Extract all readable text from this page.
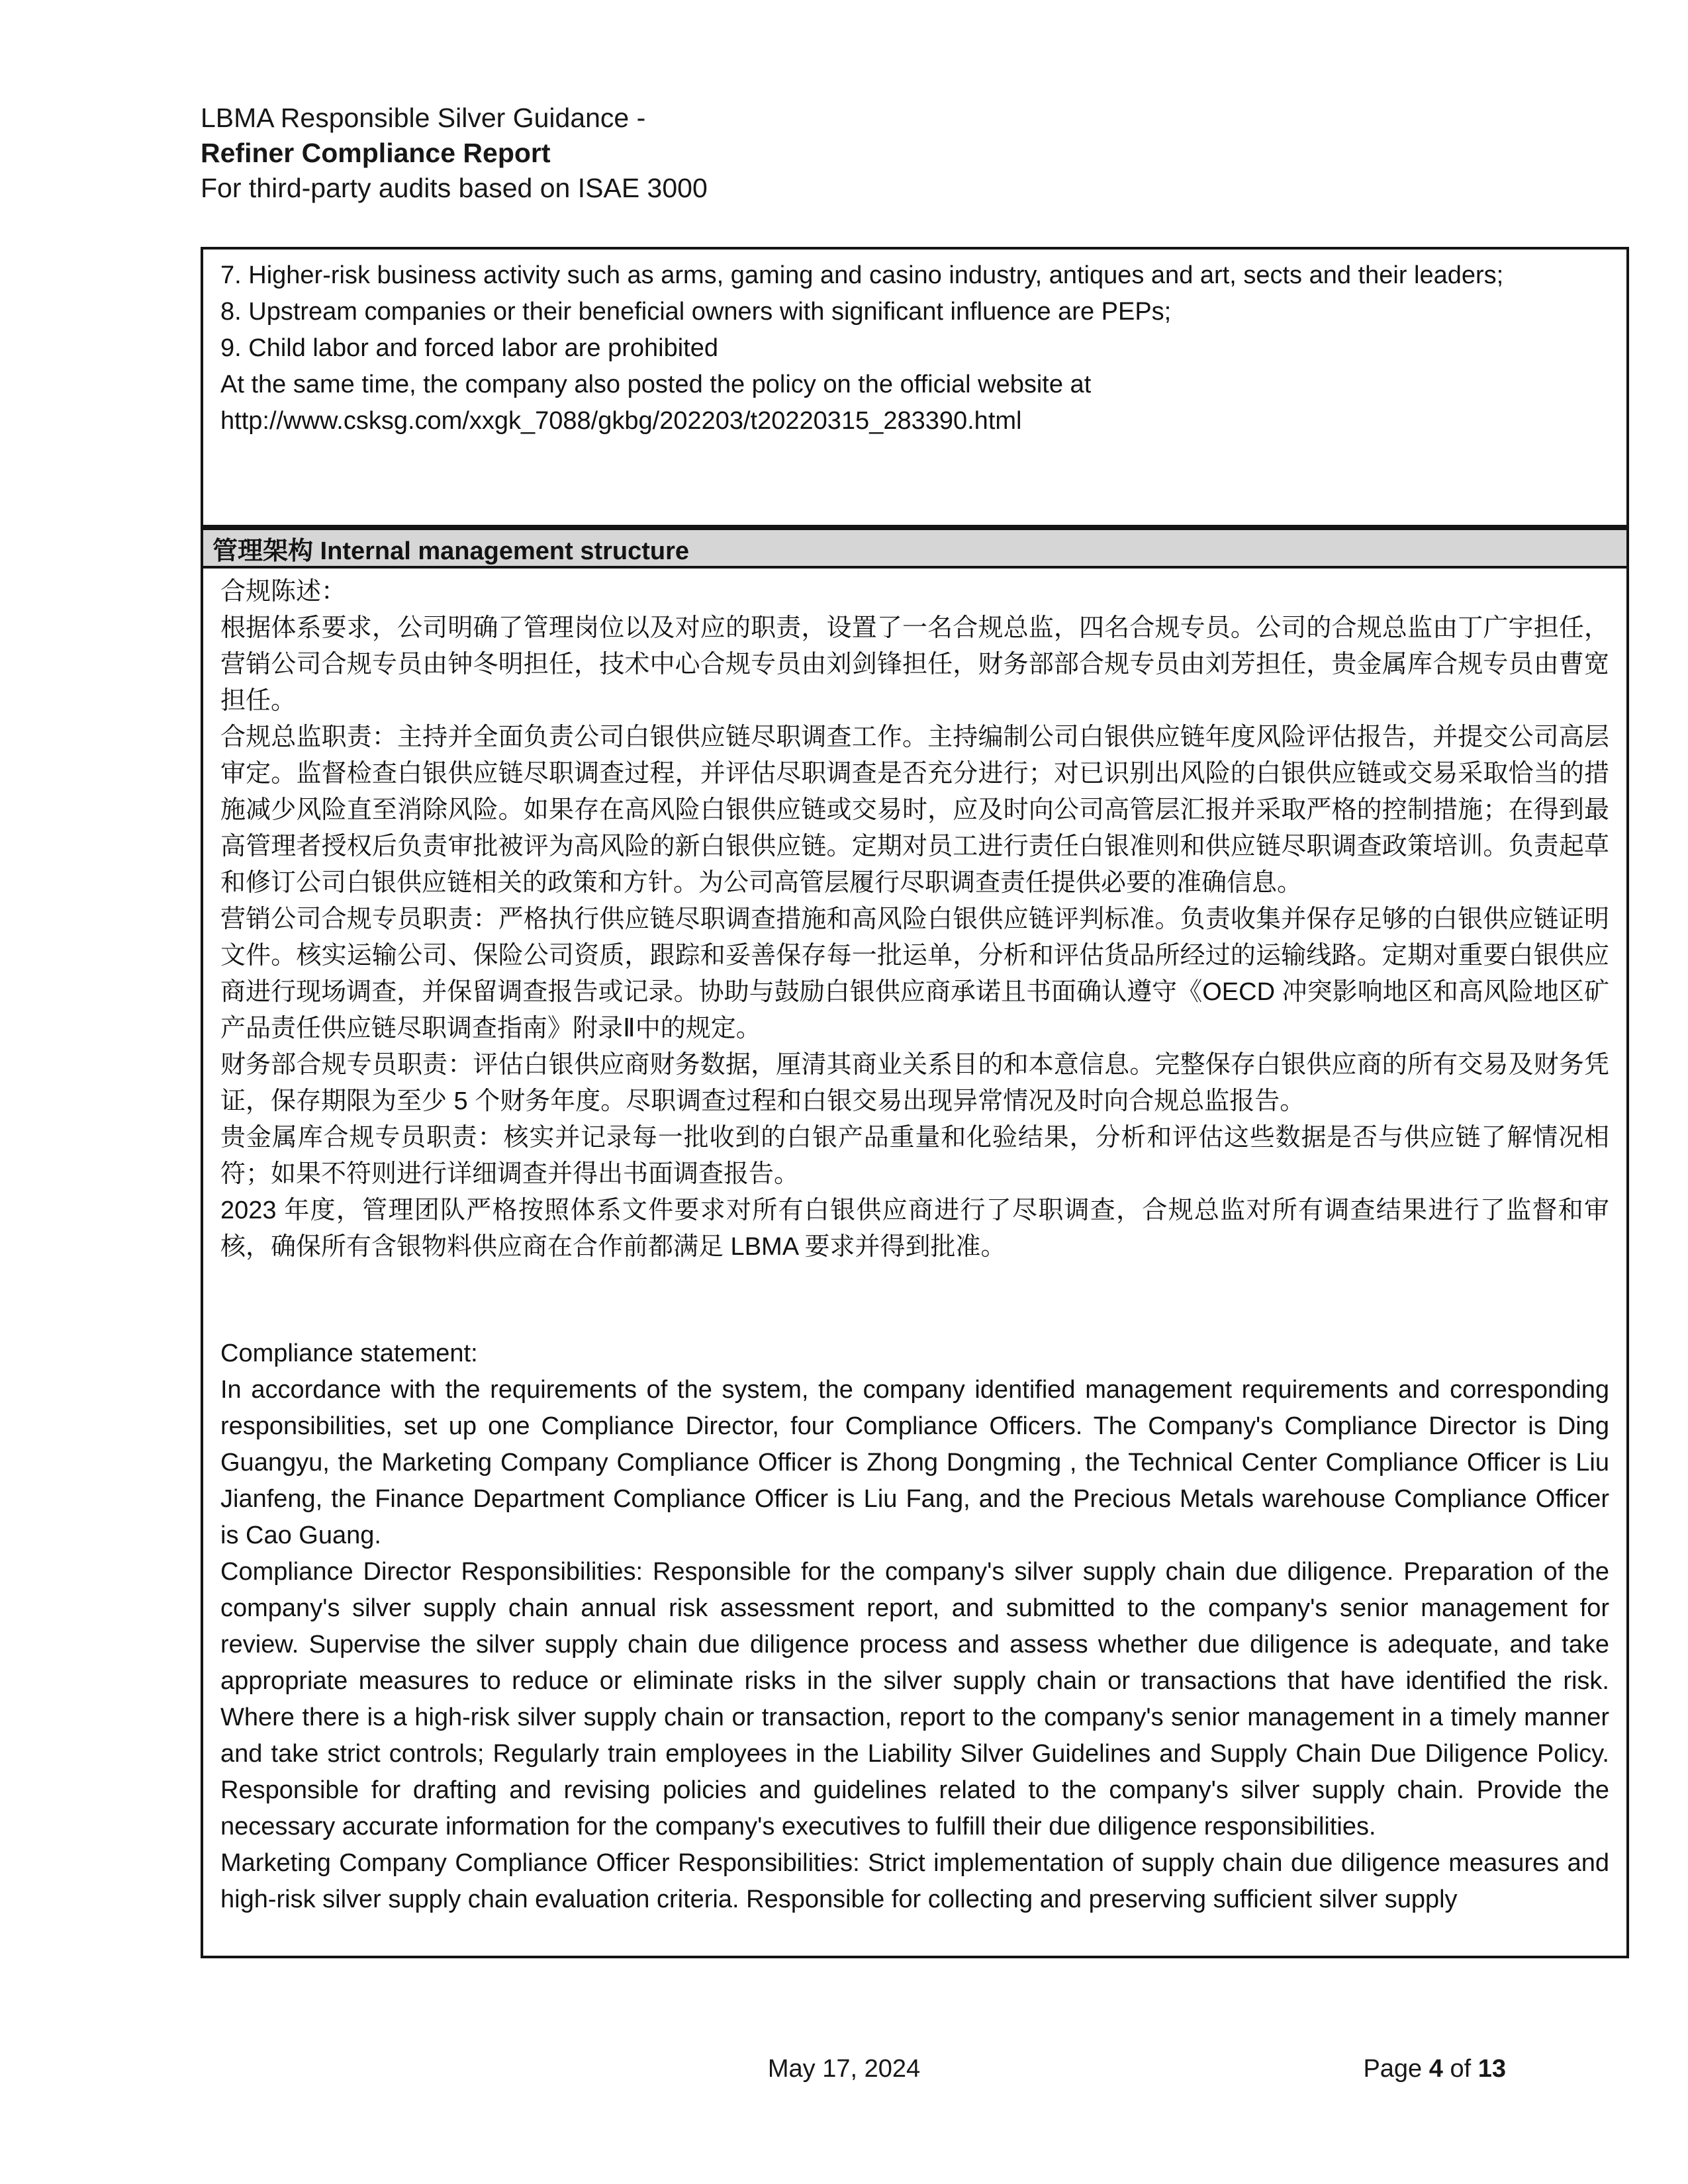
LBMA Responsible Silver Guidance -
Refiner Compliance Report
For third-party audits based on ISAE 3000
7. Higher-risk business activity such as arms, gaming and casino industry, antiques and art, sects and their leaders;
8. Upstream companies or their beneficial owners with significant influence are PEPs;
9. Child labor and forced labor are prohibited
At the same time, the company also posted the policy on the official website at
http://www.csksg.com/xxgk_7088/gkbg/202203/t20220315_283390.html
管理架构 Internal management structure

合规陈述：

根据体系要求，公司明确了管理岗位以及对应的职责，设置了一名合规总监，四名合规专员。公司的合规总监由丁广宇担任，营销公司合规专员由钟冬明担任，技术中心合规专员由刘剑锋担任，财务部部合规专员由刘芳担任，贵金属库合规专员由曹宽担任。

合规总监职责：主持并全面负责公司白银供应链尽职调查工作。主持编制公司白银供应链年度风险评估报告，并提交公司高层审定。监督检查白银供应链尽职调查过程，并评估尽职调查是否充分进行；对已识别出风险的白银供应链或交易采取恰当的措施减少风险直至消除风险。如果存在高风险白银供应链或交易时，应及时向公司高管层汇报并采取严格的控制措施；在得到最高管理者授权后负责审批被评为高风险的新白银供应链。定期对员工进行责任白银准则和供应链尽职调查政策培训。负责起草和修订公司白银供应链相关的政策和方针。为公司高管层履行尽职调查责任提供必要的准确信息。

营销公司合规专员职责：严格执行供应链尽职调查措施和高风险白银供应链评判标准。负责收集并保存足够的白银供应链证明文件。核实运输公司、保险公司资质，跟踪和妥善保存每一批运单，分析和评估货品所经过的运输线路。定期对重要白银供应商进行现场调查，并保留调查报告或记录。协助与鼓励白银供应商承诺且书面确认遵守《OECD 冲突影响地区和高风险地区矿产品责任供应链尽职调查指南》附录Ⅱ中的规定。

财务部合规专员职责：评估白银供应商财务数据，厘清其商业关系目的和本意信息。完整保存白银供应商的所有交易及财务凭证，保存期限为至少 5 个财务年度。尽职调查过程和白银交易出现异常情况及时向合规总监报告。

贵金属库合规专员职责：核实并记录每一批收到的白银产品重量和化验结果，分析和评估这些数据是否与供应链了解情况相符；如果不符则进行详细调查并得出书面调查报告。

2023 年度，管理团队严格按照体系文件要求对所有白银供应商进行了尽职调查，合规总监对所有调查结果进行了监督和审核，确保所有含银物料供应商在合作前都满足 LBMA 要求并得到批准。

Compliance statement:

In accordance with the requirements of the system, the company identified management requirements and corresponding responsibilities, set up one Compliance Director, four Compliance Officers. The Company's Compliance Director is Ding Guangyu, the Marketing Company Compliance Officer is Zhong Dongming , the Technical Center Compliance Officer is Liu Jianfeng, the Finance Department Compliance Officer is Liu Fang, and the Precious Metals warehouse Compliance Officer is Cao Guang.

Compliance Director Responsibilities: Responsible for the company's silver supply chain due diligence. Preparation of the company's silver supply chain annual risk assessment report, and submitted to the company's senior management for review. Supervise the silver supply chain due diligence process and assess whether due diligence is adequate, and take appropriate measures to reduce or eliminate risks in the silver supply chain or transactions that have identified the risk. Where there is a high-risk silver supply chain or transaction, report to the company's senior management in a timely manner and take strict controls; Regularly train employees in the Liability Silver Guidelines and Supply Chain Due Diligence Policy. Responsible for drafting and revising policies and guidelines related to the company's silver supply chain. Provide the necessary accurate information for the company's executives to fulfill their due diligence responsibilities.

Marketing Company Compliance Officer Responsibilities: Strict implementation of supply chain due diligence measures and high-risk silver supply chain evaluation criteria. Responsible for collecting and preserving sufficient silver supply

May 17, 2024	Page 4 of 13
